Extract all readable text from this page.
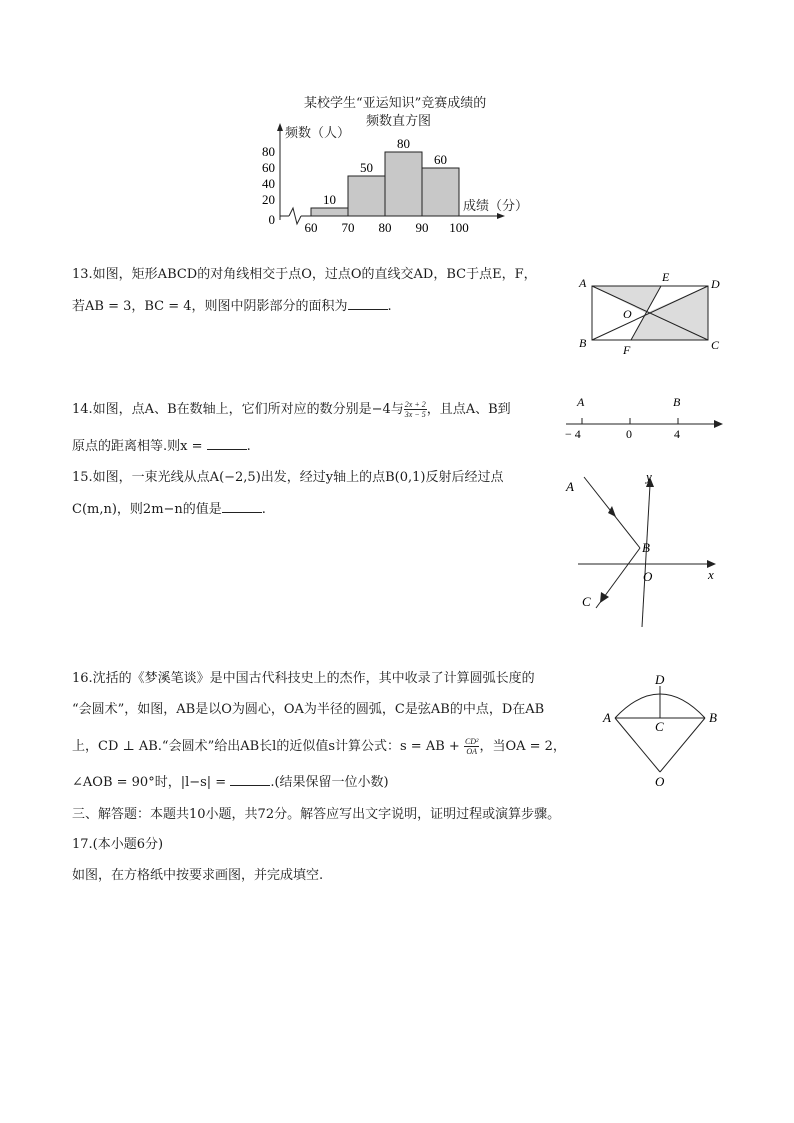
某校学生“亚运知识”竞赛成绩的
频数直方图
频数（人）
成绩（分）
10
50
80
60
60 70 80 90 100
0
20
40
60
80
13.如图，矩形ABCD的对角线相交于点O，过点O的直线交AD，BC于点E，F，
若AB = 3，BC = 4，则图中阴影部分的面积为	.
A
B	C
D
E
F
O
14.如图，点A、B在数轴上，它们所对应的数分别是−4与 $\frac{2x + 2}{3x - 5}$ ，且点A、B到
原点的距离相等.则x =	.
A	B
− 4	0	4
15.如图，一束光线从点A(−2,5)出发，经过y轴上的点B(0,1)反射后经过点
C(m,n)，则2m−n的值是	.
A
B
C
O	x
y
16.沈括的《梦溪笔谈》是中国古代科技史上的杰作，其中收录了计算圆弧长度的
“会圆术”，如图，AB是以O为圆心，OA为半径的圆弧，C是弦AB的中点，D在AB
上，CD ⊥ AB.“会圆术”给出AB长l的近似值s计算公式：s = AB + $\frac{\text{CD²}}{OA}$ ，当OA = 2，
∠AOB = 90°时，|l−s| =	.(结果保留一位小数)
A	B
C
D
O
三、解答题：本题共10小题，共72分。解答应写出文字说明，证明过程或演算步骤。
17.(本小题6分)
如图，在方格纸中按要求画图，并完成填空.
